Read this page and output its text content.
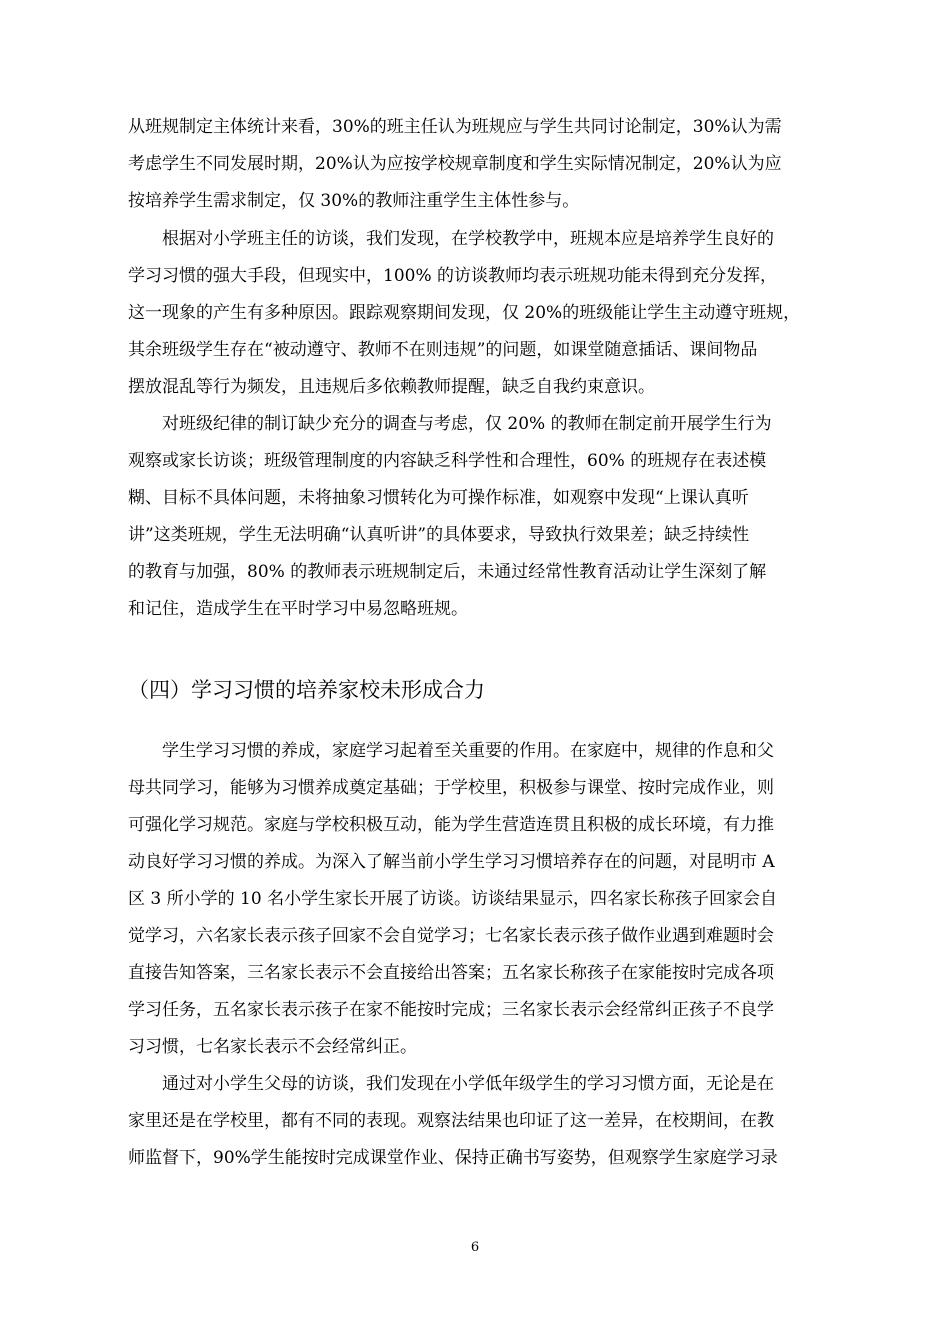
从班规制定主体统计来看，30%的班主任认为班规应与学生共同讨论制定，30%认为需
考虑学生不同发展时期，20%认为应按学校规章制度和学生实际情况制定，20%认为应
按培养学生需求制定，仅 30%的教师注重学生主体性参与。
根据对小学班主任的访谈，我们发现，在学校教学中，班规本应是培养学生良好的
学习习惯的强大手段，但现实中，100% 的访谈教师均表示班规功能未得到充分发挥，
这一现象的产生有多种原因。跟踪观察期间发现，仅 20%的班级能让学生主动遵守班规，
其余班级学生存在“被动遵守、教师不在则违规”的问题，如课堂随意插话、课间物品
摆放混乱等行为频发，且违规后多依赖教师提醒，缺乏自我约束意识。
对班级纪律的制订缺少充分的调查与考虑，仅 20% 的教师在制定前开展学生行为
观察或家长访谈；班级管理制度的内容缺乏科学性和合理性，60% 的班规存在表述模
糊、目标不具体问题，未将抽象习惯转化为可操作标准，如观察中发现“上课认真听
讲”这类班规，学生无法明确“认真听讲”的具体要求，导致执行效果差；缺乏持续性
的教育与加强，80% 的教师表示班规制定后，未通过经常性教育活动让学生深刻了解
和记住，造成学生在平时学习中易忽略班规。
（四）学习习惯的培养家校未形成合力
学生学习习惯的养成，家庭学习起着至关重要的作用。在家庭中，规律的作息和父
母共同学习，能够为习惯养成奠定基础；于学校里，积极参与课堂、按时完成作业，则
可强化学习规范。家庭与学校积极互动，能为学生营造连贯且积极的成长环境，有力推
动良好学习习惯的养成。为深入了解当前小学生学习习惯培养存在的问题，对昆明市 A
区 3 所小学的 10 名小学生家长开展了访谈。访谈结果显示，四名家长称孩子回家会自
觉学习，六名家长表示孩子回家不会自觉学习；七名家长表示孩子做作业遇到难题时会
直接告知答案，三名家长表示不会直接给出答案；五名家长称孩子在家能按时完成各项
学习任务，五名家长表示孩子在家不能按时完成；三名家长表示会经常纠正孩子不良学
习习惯，七名家长表示不会经常纠正。
通过对小学生父母的访谈，我们发现在小学低年级学生的学习习惯方面，无论是在
家里还是在学校里，都有不同的表现。观察法结果也印证了这一差异，在校期间，在教
师监督下，90%学生能按时完成课堂作业、保持正确书写姿势，但观察学生家庭学习录
6
